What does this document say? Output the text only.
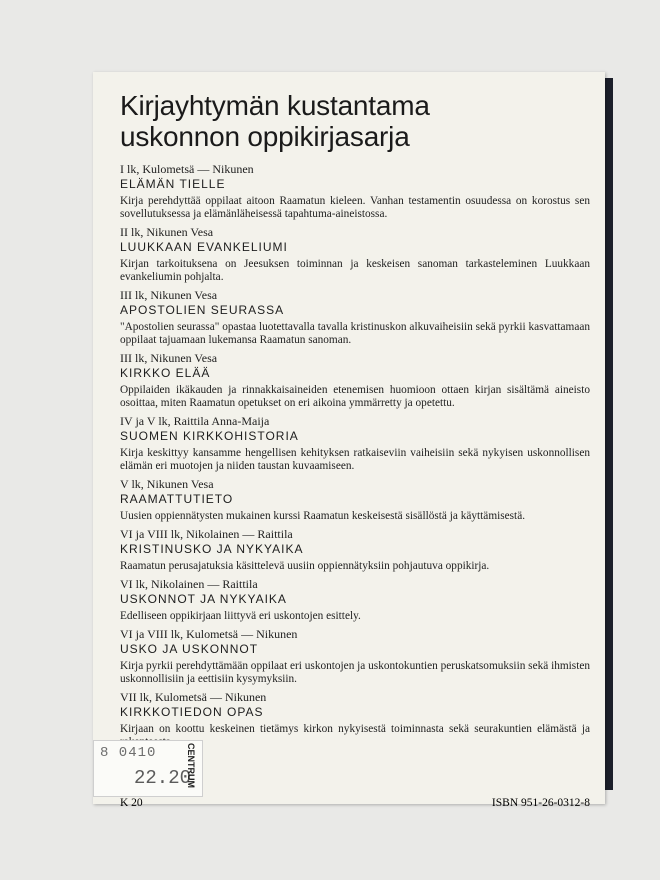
Kirjayhtymän kustantama
uskonnon oppikirjasarja

I lk, Kulometsä — Nikunen

ELÄMÄN TIELLE

Kirja perehdyttää oppilaat aitoon Raamatun kieleen. Vanhan testamentin osuudessa on korostus sen sovellutuksessa ja elämänläheisessä tapahtuma-aineistossa.

II lk, Nikunen Vesa

LUUKKAAN EVANKELIUMI

Kirjan tarkoituksena on Jeesuksen toiminnan ja keskeisen sanoman tarkasteleminen Luukkaan evankeliumin pohjalta.

III lk, Nikunen Vesa

APOSTOLIEN SEURASSA

"Apostolien seurassa" opastaa luotettavalla tavalla kristinuskon alkuvaiheisiin sekä pyrkii kasvattamaan oppilaat tajuamaan lukemansa Raamatun sanoman.

III lk, Nikunen Vesa

KIRKKO ELÄÄ

Oppilaiden ikäkauden ja rinnakkaisaineiden etenemisen huomioon ottaen kirjan sisältämä aineisto osoittaa, miten Raamatun opetukset on eri aikoina ymmärretty ja opetettu.

IV ja V lk, Raittila Anna-Maija

SUOMEN KIRKKOHISTORIA

Kirja keskittyy kansamme hengellisen kehityksen ratkaiseviin vaiheisiin sekä nykyisen uskonnollisen elämän eri muotojen ja niiden taustan kuvaamiseen.

V lk, Nikunen Vesa

RAAMATTUTIETO

Uusien oppiennätysten mukainen kurssi Raamatun keskeisestä sisällöstä ja käyttämisestä.

VI ja VIII lk, Nikolainen — Raittila

KRISTINUSKO JA NYKYAIKA

Raamatun perusajatuksia käsittelevä uusiin oppiennätyksiin pohjautuva oppikirja.

VI lk, Nikolainen — Raittila

USKONNOT JA NYKYAIKA

Edelliseen oppikirjaan liittyvä eri uskontojen esittely.

VI ja VIII lk, Kulometsä — Nikunen

USKO JA USKONNOT

Kirja pyrkii perehdyttämään oppilaat eri uskontojen ja uskontokuntien peruskatsomuksiin sekä ihmisten uskonnollisiin ja eettisiin kysymyksiin.

VII lk, Kulometsä — Nikunen

KIRKKOTIEDON OPAS

Kirjaan on koottu keskeinen tietämys kirkon nykyisestä toiminnasta sekä seurakuntien elämästä ja

8 0410
22.20
CENTRUM
K 20	ISBN 951-26-0312-8
